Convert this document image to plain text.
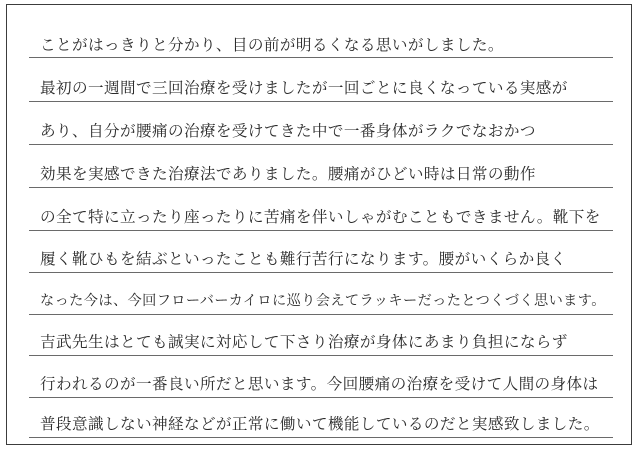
ことがはっきりと分かり、目の前が明るくなる思いがしました。
最初の一週間で三回治療を受けましたが一回ごとに良くなっている実感が
あり、自分が腰痛の治療を受けてきた中で一番身体がラクでなおかつ
効果を実感できた治療法でありました。腰痛がひどい時は日常の動作
の全て特に立ったり座ったりに苦痛を伴いしゃがむこともできません。靴下を
履く靴ひもを結ぶといったことも難行苦行になります。腰がいくらか良く
なった今は、今回フローバーカイロに巡り会えてラッキーだったとつくづく思います。
吉武先生はとても誠実に対応して下さり治療が身体にあまり負担にならず
行われるのが一番良い所だと思います。今回腰痛の治療を受けて人間の身体は
普段意識しない神経などが正常に働いて機能しているのだと実感致しました。
